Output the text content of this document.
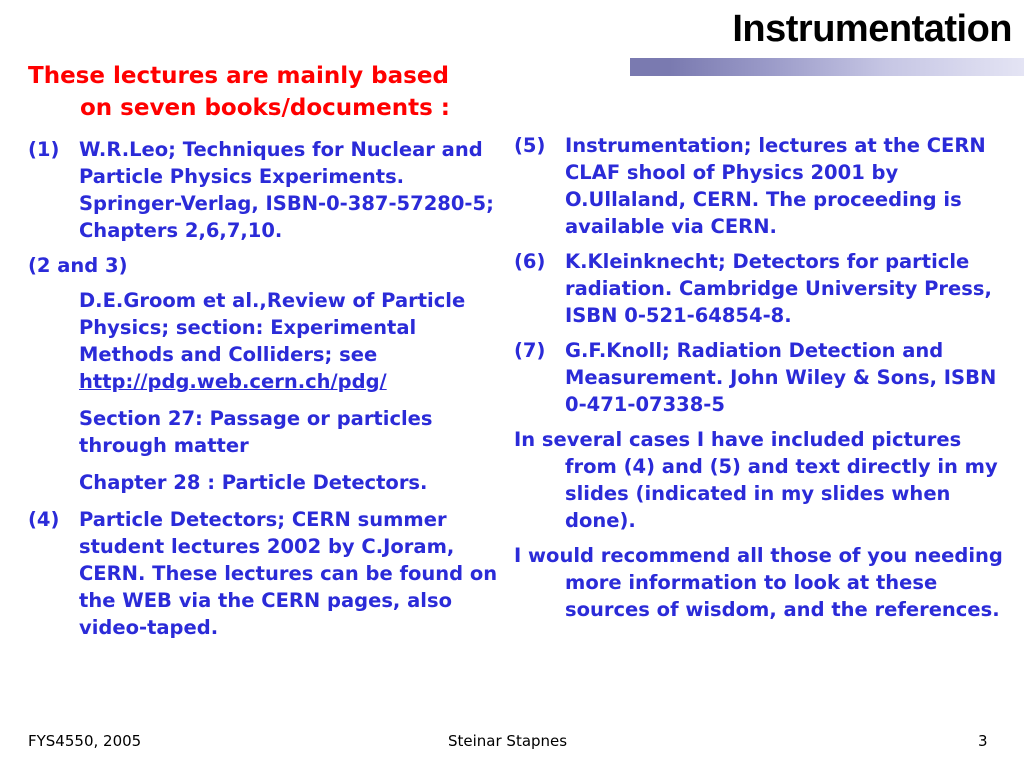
Instrumentation
These lectures are mainly based
on seven books/documents :
(1) W.R.Leo; Techniques for Nuclear and Particle Physics Experiments. Springer-Verlag, ISBN-0-387-57280-5; Chapters 2,6,7,10.
(2 and 3)
D.E.Groom et al.,Review of Particle Physics; section: Experimental Methods and Colliders; see http://pdg.web.cern.ch/pdg/
Section 27: Passage or particles through matter
Chapter 28 : Particle Detectors.
(4) Particle Detectors; CERN summer student lectures 2002 by C.Joram, CERN. These lectures can be found on the WEB via the CERN pages, also video-taped.
(5) Instrumentation; lectures at the CERN CLAF shool of Physics 2001 by O.Ullaland, CERN. The proceeding is available via CERN.
(6) K.Kleinknecht; Detectors for particle radiation. Cambridge University Press, ISBN 0-521-64854-8.
(7) G.F.Knoll; Radiation Detection and Measurement. John Wiley & Sons, ISBN 0-471-07338-5
In several cases I have included pictures from (4) and (5) and text directly in my slides (indicated in my slides when done).
I would recommend all those of you needing more information to look at these sources of wisdom, and the references.
FYS4550, 2005	Steinar Stapnes	3
